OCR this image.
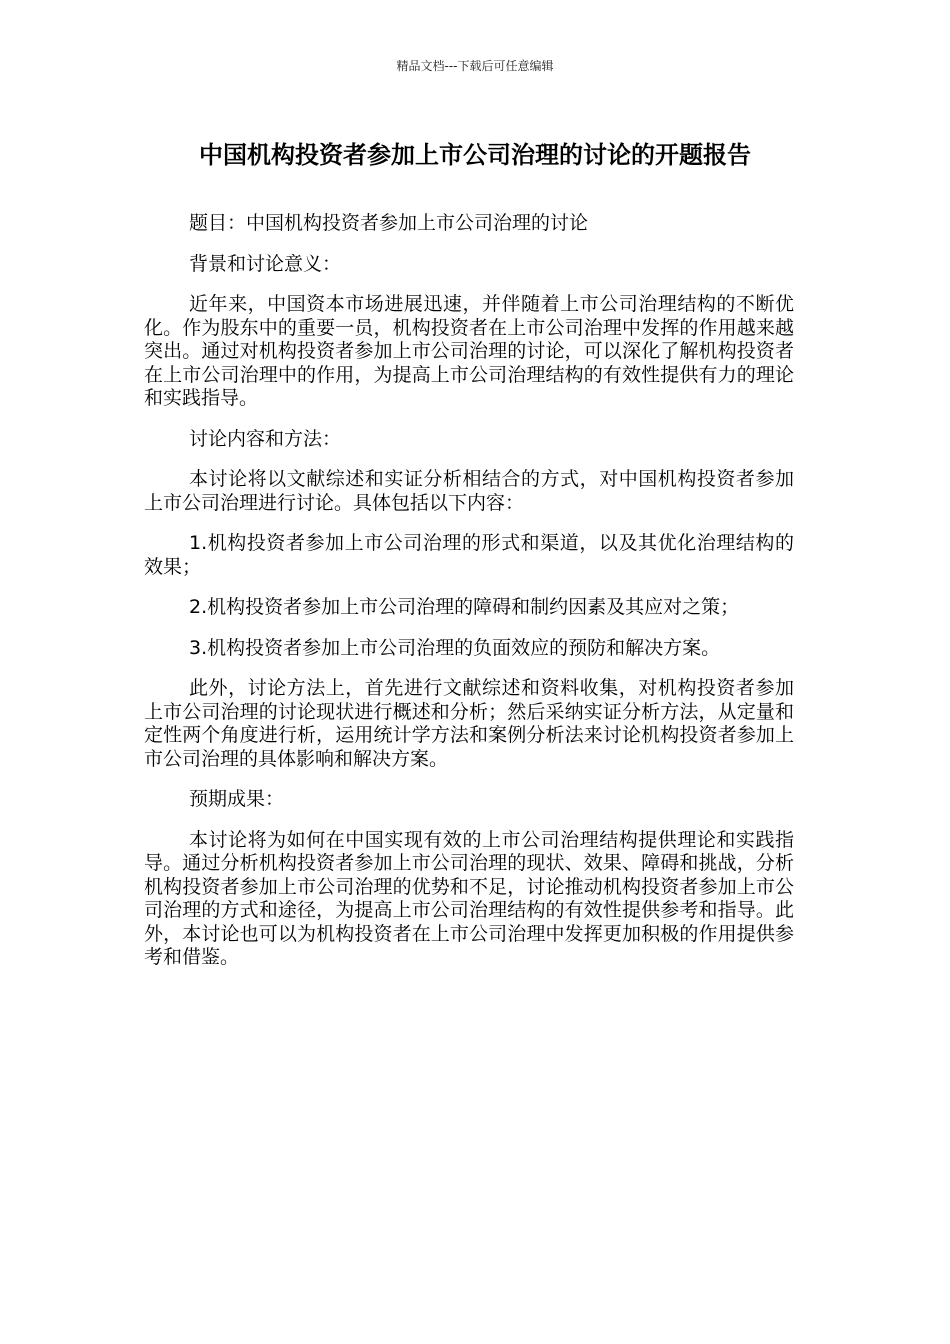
精品文档---下载后可任意编辑
中国机构投资者参加上市公司治理的讨论的开题报告

题目：中国机构投资者参加上市公司治理的讨论

背景和讨论意义：

近年来，中国资本市场进展迅速，并伴随着上市公司治理结构的不断优化。作为股东中的重要一员，机构投资者在上市公司治理中发挥的作用越来越突出。通过对机构投资者参加上市公司治理的讨论，可以深化了解机构投资者在上市公司治理中的作用，为提高上市公司治理结构的有效性提供有力的理论和实践指导。

讨论内容和方法：

本讨论将以文献综述和实证分析相结合的方式，对中国机构投资者参加上市公司治理进行讨论。具体包括以下内容：

1.机构投资者参加上市公司治理的形式和渠道，以及其优化治理结构的效果；

2.机构投资者参加上市公司治理的障碍和制约因素及其应对之策；

3.机构投资者参加上市公司治理的负面效应的预防和解决方案。

此外，讨论方法上，首先进行文献综述和资料收集，对机构投资者参加上市公司治理的讨论现状进行概述和分析；然后采纳实证分析方法，从定量和定性两个角度进行析，运用统计学方法和案例分析法来讨论机构投资者参加上市公司治理的具体影响和解决方案。

预期成果：

本讨论将为如何在中国实现有效的上市公司治理结构提供理论和实践指导。通过分析机构投资者参加上市公司治理的现状、效果、障碍和挑战，分析机构投资者参加上市公司治理的优势和不足，讨论推动机构投资者参加上市公司治理的方式和途径，为提高上市公司治理结构的有效性提供参考和指导。此外，本讨论也可以为机构投资者在上市公司治理中发挥更加积极的作用提供参考和借鉴。
